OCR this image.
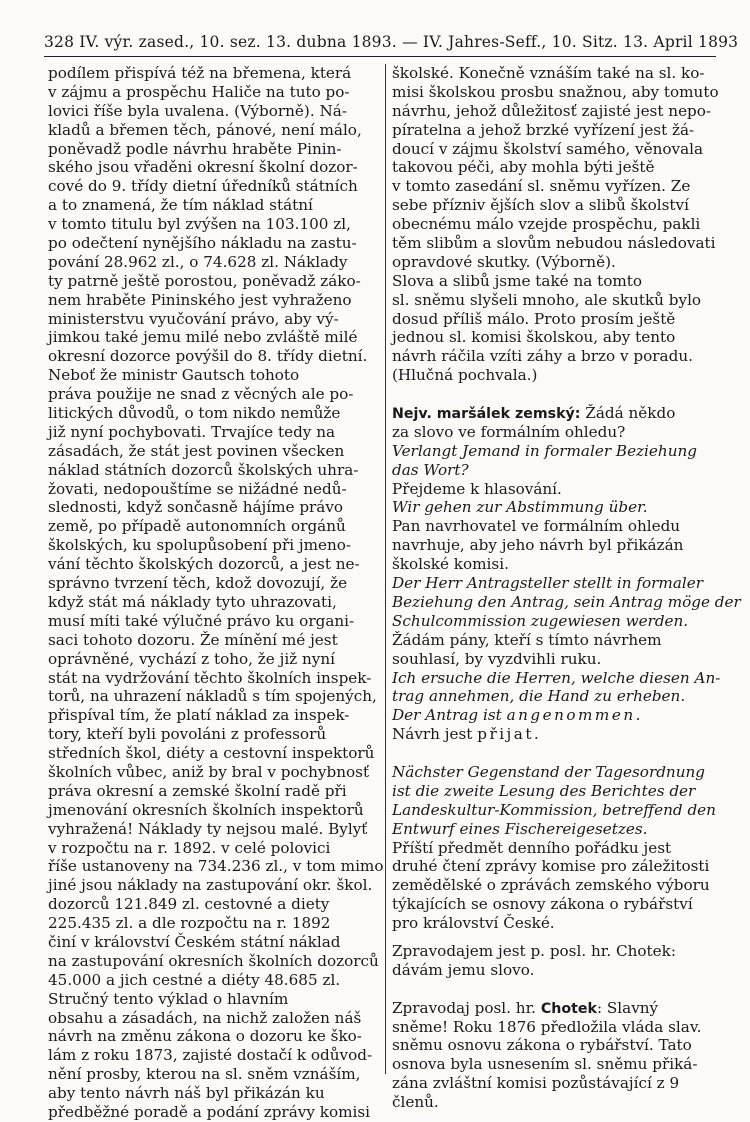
328 IV. výr. zased., 10. sez. 13. dubna 1893. — IV. Jahres-Seff., 10. Sitz. 13. April 1893
podílem přispívá též na břemena, která
v zájmu a prospěchu Haliče na tuto po-
lovici říše byla uvalena. (Výborně). Ná-
kladů a břemen těch, pánové, není málo,
poněvadž podle návrhu hraběte Pinin-
ského jsou vřaděni okresní školní dozor-
cové do 9. třídy dietní úředníků státních
a to znamená, že tím náklad státní
v tomto titulu byl zvýšen na 103.100 zl,
po odečtení nynějšího nákladu na zastu-
pování 28.962 zl., o 74.628 zl. Náklady
ty patrně ještě porostou, poněvadž záko-
nem hraběte Pininského jest vyhraženo
ministerstvu vyučování právo, aby vý-
jimkou také jemu milé nebo zvláště milé
okresní dozorce povýšil do 8. třídy dietní.
Neboť že ministr Gautsch tohoto
práva použije ne snad z věcných ale po-
litických důvodů, o tom nikdo nemůže
již nyní pochybovati. Trvajíce tedy na
zásadách, že stát jest povinen všecken
náklad státních dozorců školských uhra-
žovati, nedopouštíme se nižádné nedů-
slednosti, když sončasně hájíme právo
země, po případě autonomních orgánů
školských, ku spolupůsobení při jmeno-
vání těchto školských dozorců, a jest ne-
správno tvrzení těch, kdož dovozují, že
když stát má náklady tyto uhrazovati,
musí míti také výlučné právo ku organi-
saci tohoto dozoru. Že mínění mé jest
oprávněné, vychází z toho, že již nyní
stát na vydržování těchto školních inspek-
torů, na uhrazení nákladů s tím spojených,
přispíval tím, že platí náklad za inspek-
tory, kteří byli povoláni z professorů
středních škol, diéty a cestovní inspektorů
školních vůbec, aniž by bral v pochybnosť
práva okresní a zemské školní radě při
jmenování okresních školních inspektorů
vyhražená! Náklady ty nejsou malé. Bylyť
v rozpočtu na r. 1892. v celé polovici
říše ustanoveny na 734.236 zl., v tom mimo
jiné jsou náklady na zastupování okr. škol.
dozorců 121.849 zl. cestovné a diety
225.435 zl. a dle rozpočtu na r. 1892
činí v království Českém státní náklad
na zastupování okresních školních dozorců
45.000 a jich cestné a diéty 48.685 zl.
Stručný tento výklad o hlavním
obsahu a zásadách, na nichž založen náš
návrh na změnu zákona o dozoru ke ško-
lám z roku 1873, zajisté dostačí k odůvod-
nění prosby, kterou na sl. sněm vznáším,
aby tento návrh náš byl přikázán ku
předběžné poradě a podání zprávy komisi
školské. Konečně vznáším také na sl. ko-
misi školskou prosbu snažnou, aby tomuto
návrhu, jehož důležitosť zajisté jest nepo-
píratelna a jehož brzké vyřízení jest žá-
doucí v zájmu školství samého, věnovala
takovou péči, aby mohla býti ještě
v tomto zasedání sl. sněmu vyřízen. Ze
sebe přízniv ějších slov a slibů školství
obecnému málo vzejde prospěchu, pakli
těm slibům a slovům nebudou následovati
opravdové skutky. (Výborně).
Slova a slibů jsme také na tomto
sl. sněmu slyšeli mnoho, ale skutků bylo
dosud příliš málo. Proto prosím ještě
jednou sl. komisi školskou, aby tento
návrh ráčila vzíti záhy a brzo v poradu.
(Hlučná pochvala.)
Nejv. maršálek zemský: Žádá někdo
za slovo ve formálním ohledu?
Verlangt Jemand in formaler Beziehung
das Wort?
Přejdeme k hlasování.
Wir gehen zur Abstimmung über.
Pan navrhovatel ve formálním ohledu
navrhuje, aby jeho návrh byl přikázán
školské komisi.
Der Herr Antragsteller stellt in formaler
Beziehung den Antrag, sein Antrag möge der
Schulcommission zugewiesen werden.
Žádám pány, kteří s tímto návrhem
souhlasí, by vyzdvihli ruku.
Ich ersuche die Herren, welche diesen An-
trag annehmen, die Hand zu erheben.
Der Antrag ist angenommen.
Návrh jest přijat.
Nächster Gegenstand der Tagesordnung
ist die zweite Lesung des Berichtes der
Landeskultur-Kommission, betreffend den
Entwurf eines Fischereigesetzes.
Příští předmět denního pořádku jest
druhé čtení zprávy komise pro záležitosti
zemědělské o zprávách zemského výboru
týkajících se osnovy zákona o rybářství
pro království České.
Zpravodajem jest p. posl. hr. Chotek:
dávám jemu slovo.
Zpravodaj posl. hr. Chotek: Slavný
sněme! Roku 1876 předložila vláda slav.
sněmu osnovu zákona o rybářství. Tato
osnova byla usnesením sl. sněmu přiká-
zána zvláštní komisi pozůstávající z 9
členů.
